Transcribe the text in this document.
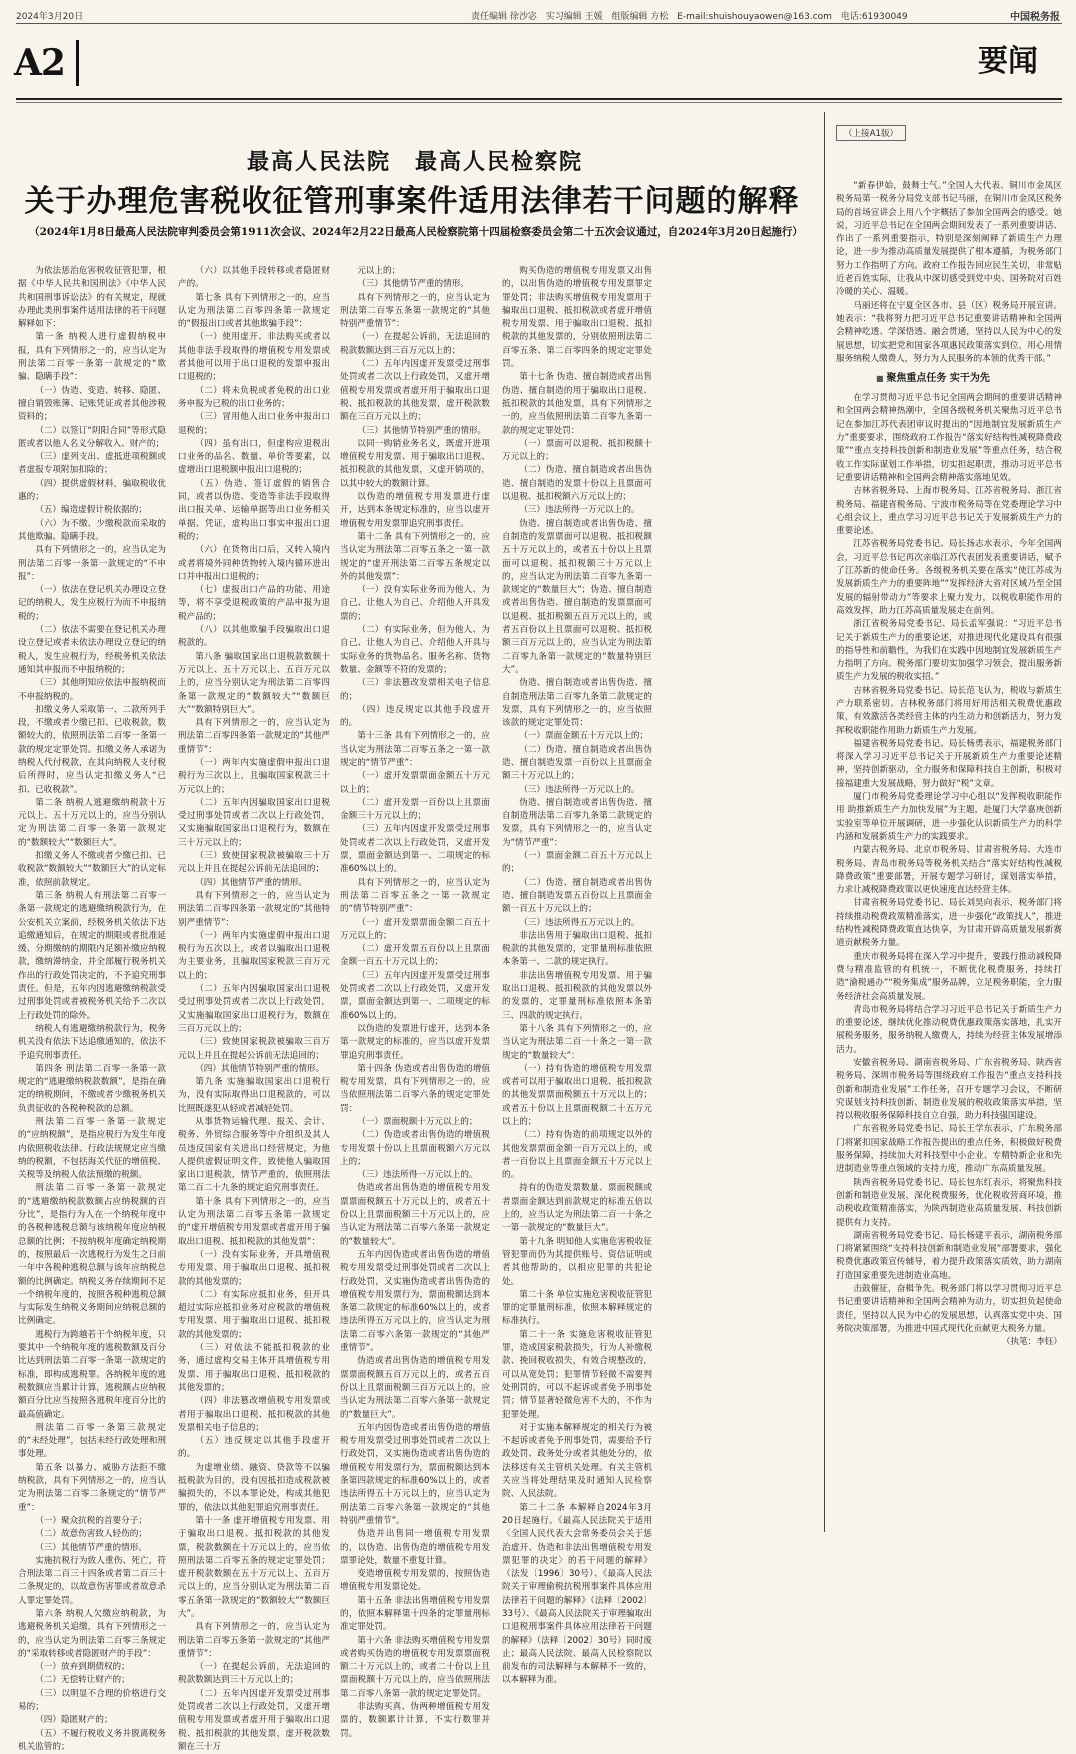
2024年3月20日	责任编辑 徐沙宓 实习编辑 王媛 组版编辑 方松 E-mail:shuishouyaowen@163.com 电话:61930049	中国税务报
A2	要闻
最高人民法院　最高人民检察院
关于办理危害税收征管刑事案件适用法律若干问题的解释
（2024年1月8日最高人民法院审判委员会第1911次会议、2024年2月22日最高人民检察院第十四届检察委员会第二十五次会议通过，自2024年3月20日起施行）

为依法惩治危害税收征管犯罪，根据《中华人民共和国刑法》《中华人民共和国刑事诉讼法》的有关规定，现就办理此类刑事案件适用法律的若干问题解释如下：

第一条 纳税人进行虚假纳税申报，具有下列情形之一的，应当认定为刑法第二百零一条第一款规定的“欺骗、隐瞒手段”：

（一）伪造、变造、转移、隐匿、擅自销毁账簿、记账凭证或者其他涉税资料的；

（二）以签订“阴阳合同”等形式隐匿或者以他人名义分解收入、财产的；

（三）虚列支出、虚抵进项税额或者虚报专项附加扣除的；

（四）提供虚假材料，骗取税收优惠的；

（五）编造虚假计税依据的；

（六）为不缴、少缴税款而采取的其他欺骗、隐瞒手段。

具有下列情形之一的，应当认定为刑法第二百零一条第一款规定的“不申报”：

（一）依法在登记机关办理设立登记的纳税人，发生应税行为而不申报纳税的；

（二）依法不需要在登记机关办理设立登记或者未依法办理设立登记的纳税人，发生应税行为，经税务机关依法通知其申报而不申报纳税的；

（三）其他明知应依法申报纳税而不申报纳税的。

扣缴义务人采取第一、二款所列手段，不缴或者少缴已扣、已收税款，数额较大的，依照刑法第二百零一条第一款的规定定罪处罚。扣缴义务人承诺为纳税人代付税款，在其向纳税人支付税后所得时，应当认定扣缴义务人“已扣、已收税款”。

第二条 纳税人逃避缴纳税款十万元以上、五十万元以上的，应当分别认定为刑法第二百零一条第一款规定的“数额较大”“数额巨大”。

扣缴义务人不缴或者少缴已扣、已收税款“数额较大”“数额巨大”的认定标准，依照前款规定。

第三条 纳税人有刑法第二百零一条第一款规定的逃避缴纳税款行为，在公安机关立案前，经税务机关依法下达追缴通知后，在规定的期限或者批准延缓、分期缴纳的期限内足额补缴应纳税款，缴纳滞纳金，并全部履行税务机关作出的行政处罚决定的，不予追究刑事责任。但是，五年内因逃避缴纳税款受过刑事处罚或者被税务机关给予二次以上行政处罚的除外。

纳税人有逃避缴纳税款行为，税务机关没有依法下达追缴通知的，依法不予追究刑事责任。

第四条 刑法第二百零一条第一款规定的“逃避缴纳税款数额”，是指在确定的纳税期间，不缴或者少缴税务机关负责征收的各税种税款的总额。

刑法第二百零一条第一款规定的“应纳税额”，是指应税行为发生年度内依照税收法律、行政法规规定应当缴纳的税额，不包括海关代征的增值税、关税等及纳税人依法预缴的税额。

刑法第二百零一条第一款规定的“逃避缴纳税款数额占应纳税额的百分比”，是指行为人在一个纳税年度中的各税种逃税总额与该纳税年度应纳税总额的比例；不按纳税年度确定纳税期的，按照最后一次逃税行为发生之日前一年中各税种逃税总额与该年应纳税总额的比例确定。纳税义务存续期间不足一个纳税年度的，按照各税种逃税总额与实际发生纳税义务期间应纳税总额的比例确定。

逃税行为跨越若干个纳税年度，只要其中一个纳税年度的逃税数额及百分比达到刑法第二百零一条第一款规定的标准，即构成逃税罪。各纳税年度的逃税数额应当累计计算，逃税额占应纳税额百分比应当按照各逃税年度百分比的最高值确定。

刑法第二百零一条第三款规定的“未经处理”，包括未经行政处理和刑事处理。

第五条 以暴力、威胁方法拒不缴纳税款，具有下列情形之一的，应当认定为刑法第二百零二条规定的“情节严重”：

（一）聚众抗税的首要分子；

（二）故意伤害致人轻伤的；

（三）其他情节严重的情形。

实施抗税行为致人重伤、死亡，符合刑法第二百三十四条或者第二百三十二条规定的，以故意伤害罪或者故意杀人罪定罪处罚。

第六条 纳税人欠缴应纳税款，为逃避税务机关追缴，具有下列情形之一的，应当认定为刑法第二百零三条规定的“采取转移或者隐匿财产的手段”：

（一）放弃到期债权的；

（二）无偿转让财产的；

（三）以明显不合理的价格进行交易的；

（四）隐匿财产的；

（五）不履行税收义务并脱离税务机关监管的；

（六）以其他手段转移或者隐匿财产的。

第七条 具有下列情形之一的，应当认定为刑法第二百零四条第一款规定的“假报出口或者其他欺骗手段”：

（一）使用虚开、非法购买或者以其他非法手段取得的增值税专用发票或者其他可以用于出口退税的发票申报出口退税的；

（二）将未负税或者免税的出口业务申报为已税的出口业务的；

（三）冒用他人出口业务申报出口退税的；

（四）虽有出口，但虚构应退税出口业务的品名、数量、单价等要素，以虚增出口退税额申报出口退税的；

（五）伪造、签订虚假的销售合同，或者以伪造、变造等非法手段取得出口报关单、运输单据等出口业务相关单据、凭证，虚构出口事实申报出口退税的；

（六）在货物出口后，又转入境内或者将境外同种货物转入境内循环进出口并申报出口退税的；

（七）虚报出口产品的功能、用途等，将不享受退税政策的产品申报为退税产品的；

（八）以其他欺骗手段骗取出口退税款的。

第八条 骗取国家出口退税款数额十万元以上、五十万元以上、五百万元以上的，应当分别认定为刑法第二百零四条第一款规定的“数额较大”“数额巨大”“数额特别巨大”。

具有下列情形之一的，应当认定为刑法第二百零四条第一款规定的“其他严重情节”：

（一）两年内实施虚假申报出口退税行为三次以上，且骗取国家税款三十万元以上的；

（二）五年内因骗取国家出口退税受过刑事处罚或者二次以上行政处罚，又实施骗取国家出口退税行为，数额在三十万元以上的；

（三）致使国家税款被骗取三十万元以上并且在提起公诉前无法追回的；

（四）其他情节严重的情形。

具有下列情形之一的，应当认定为刑法第二百零四条第一款规定的“其他特别严重情节”：

（一）两年内实施虚假申报出口退税行为五次以上，或者以骗取出口退税为主要业务，且骗取国家税款三百万元以上的；

（二）五年内因骗取国家出口退税受过刑事处罚或者二次以上行政处罚，又实施骗取国家出口退税行为，数额在三百万元以上的；

（三）致使国家税款被骗取三百万元以上并且在提起公诉前无法追回的；

（四）其他情节特别严重的情形。

第九条 实施骗取国家出口退税行为，没有实际取得出口退税款的，可以比照既遂犯从轻或者减轻处罚。

从事货物运输代理、报关、会计、税务、外贸综合服务等中介组织及其人员违反国家有关进出口经营规定，为他人提供虚假证明文件，致使他人骗取国家出口退税款，情节严重的，依照刑法第二百二十九条的规定追究刑事责任。

第十条 具有下列情形之一的，应当认定为刑法第二百零五条第一款规定的“虚开增值税专用发票或者虚开用于骗取出口退税、抵扣税款的其他发票”：

（一）没有实际业务，开具增值税专用发票、用于骗取出口退税、抵扣税款的其他发票的；

（二）有实际应抵扣业务，但开具超过实际应抵扣业务对应税款的增值税专用发票、用于骗取出口退税、抵扣税款的其他发票的；

（三）对依法不能抵扣税款的业务，通过虚构交易主体开具增值税专用发票、用于骗取出口退税、抵扣税款的其他发票的；

（四）非法篡改增值税专用发票或者用于骗取出口退税、抵扣税款的其他发票相关电子信息的；

（五）违反规定以其他手段虚开的。

为虚增业绩、融资、贷款等不以骗抵税款为目的，没有因抵扣造成税款被骗损失的，不以本罪论处，构成其他犯罪的，依法以其他犯罪追究刑事责任。

第十一条 虚开增值税专用发票、用于骗取出口退税、抵扣税款的其他发票，税款数额在十万元以上的，应当依照刑法第二百零五条的规定定罪处罚；虚开税款数额在五十万元以上、五百万元以上的，应当分别认定为刑法第二百零五条第一款规定的“数额较大”“数额巨大”。

具有下列情形之一的，应当认定为刑法第二百零五条第一款规定的“其他严重情节”：

（一）在提起公诉前，无法追回的税款数额达到三十万元以上的；

（二）五年内因虚开发票受过刑事处罚或者二次以上行政处罚，又虚开增值税专用发票或者虚开用于骗取出口退税、抵扣税款的其他发票，虚开税款数额在三十万

元以上的；

（三）其他情节严重的情形。

具有下列情形之一的，应当认定为刑法第二百零五条第一款规定的“其他特别严重情节”：

（一）在提起公诉前，无法追回的税款数额达到三百万元以上的；

（二）五年内因虚开发票受过刑事处罚或者二次以上行政处罚，又虚开增值税专用发票或者虚开用于骗取出口退税、抵扣税款的其他发票，虚开税款数额在三百万元以上的；

（三）其他情节特别严重的情形。

以同一购销业务名义，既虚开进项增值税专用发票、用于骗取出口退税、抵扣税款的其他发票，又虚开销项的，以其中较大的数额计算。

以伪造的增值税专用发票进行虚开，达到本条规定标准的，应当以虚开增值税专用发票罪追究刑事责任。

第十二条 具有下列情形之一的，应当认定为刑法第二百零五条之一第一款规定的“虚开刑法第二百零五条规定以外的其他发票”：

（一）没有实际业务而为他人、为自己、让他人为自己、介绍他人开具发票的；

（二）有实际业务，但为他人、为自己、让他人为自己、介绍他人开具与实际业务的货物品名、服务名称、货物数量、金额等不符的发票的；

（三）非法篡改发票相关电子信息的；

（四）违反规定以其他手段虚开的。

第十三条 具有下列情形之一的，应当认定为刑法第二百零五条之一第一款规定的“情节严重”：

（一）虚开发票票面金额五十万元以上的；

（二）虚开发票一百份以上且票面金额三十万元以上的；

（三）五年内因虚开发票受过刑事处罚或者二次以上行政处罚，又虚开发票，票面金额达到第一、二项规定的标准60%以上的。

具有下列情形之一的，应当认定为刑法第二百零五条之一第一款规定的“情节特别严重”：

（一）虚开发票票面金额二百五十万元以上的；

（二）虚开发票五百份以上且票面金额一百五十万元以上的；

（三）五年内因虚开发票受过刑事处罚或者二次以上行政处罚，又虚开发票，票面金额达到第一、二项规定的标准60%以上的。

以伪造的发票进行虚开，达到本条第一款规定的标准的，应当以虚开发票罪追究刑事责任。

第十四条 伪造或者出售伪造的增值税专用发票，具有下列情形之一的，应当依照刑法第二百零六条的规定定罪处罚：

（一）票面税额十万元以上的；

（二）伪造或者出售伪造的增值税专用发票十份以上且票面税额六万元以上的；

（三）违法所得一万元以上的。

伪造或者出售伪造的增值税专用发票票面税额五十万元以上的，或者五十份以上且票面税额三十万元以上的，应当认定为刑法第二百零六条第一款规定的“数量较大”。

五年内因伪造或者出售伪造的增值税专用发票受过刑事处罚或者二次以上行政处罚，又实施伪造或者出售伪造的增值税专用发票行为，票面税额达到本条第二款规定的标准60%以上的，或者违法所得五万元以上的，应当认定为刑法第二百零六条第一款规定的“其他严重情节”。

伪造或者出售伪造的增值税专用发票票面税额五百万元以上的，或者五百份以上且票面税额三百万元以上的，应当认定为刑法第二百零六条第一款规定的“数量巨大”。

五年内因伪造或者出售伪造的增值税专用发票受过刑事处罚或者二次以上行政处罚，又实施伪造或者出售伪造的增值税专用发票行为，票面税额达到本条第四款规定的标准60%以上的，或者违法所得五十万元以上的，应当认定为刑法第二百零六条第一款规定的“其他特别严重情节”。

伪造并出售同一增值税专用发票的，以伪造、出售伪造的增值税专用发票罪论处，数量不重复计算。

变造增值税专用发票的，按照伪造增值税专用发票论处。

第十五条 非法出售增值税专用发票的，依照本解释第十四条的定罪量刑标准定罪处罚。

第十六条 非法购买增值税专用发票或者购买伪造的增值税专用发票票面税额二十万元以上的，或者二十份以上且票面税额十万元以上的，应当依照刑法第二百零八条第一款的规定定罪处罚。

非法购买真、伪两种增值税专用发票的，数额累计计算，不实行数罪并罚。

购买伪造的增值税专用发票又出售的，以出售伪造的增值税专用发票罪定罪处罚；非法购买增值税专用发票用于骗取出口退税、抵扣税款或者虚开增值税专用发票、用于骗取出口退税、抵扣税款的其他发票的，分别依照刑法第二百零五条、第二百零四条的规定定罪处罚。

第十七条 伪造、擅自制造或者出售伪造、擅自制造的用于骗取出口退税、抵扣税款的其他发票，具有下列情形之一的，应当依照刑法第二百零九条第一款的规定定罪处罚：

（一）票面可以退税、抵扣税额十万元以上的；

（二）伪造、擅自制造或者出售伪造、擅自制造的发票十份以上且票面可以退税、抵扣税额六万元以上的；

（三）违法所得一万元以上的。

伪造、擅自制造或者出售伪造、擅自制造的发票票面可以退税、抵扣税额五十万元以上的，或者五十份以上且票面可以退税、抵扣税额三十万元以上的，应当认定为刑法第二百零九条第一款规定的“数量巨大”；伪造、擅自制造或者出售伪造、擅自制造的发票票面可以退税、抵扣税额五百万元以上的，或者五百份以上且票面可以退税、抵扣税额三百万元以上的，应当认定为刑法第二百零九条第一款规定的“数量特别巨大”。

伪造、擅自制造或者出售伪造、擅自制造刑法第二百零九条第二款规定的发票，具有下列情形之一的，应当依照该款的规定定罪处罚：

（一）票面金额五十万元以上的；

（二）伪造、擅自制造或者出售伪造、擅自制造发票一百份以上且票面金额三十万元以上的；

（三）违法所得一万元以上的。

伪造、擅自制造或者出售伪造、擅自制造刑法第二百零九条第二款规定的发票，具有下列情形之一的，应当认定为“情节严重”：

（一）票面金额二百五十万元以上的；

（二）伪造、擅自制造或者出售伪造、擅自制造发票五百份以上且票面金额一百五十万元以上的；

（三）违法所得五万元以上的。

非法出售用于骗取出口退税、抵扣税款的其他发票的，定罪量刑标准依照本条第一、二款的规定执行。

非法出售增值税专用发票、用于骗取出口退税、抵扣税款的其他发票以外的发票的，定罪量刑标准依照本条第三、四款的规定执行。

第十八条 具有下列情形之一的，应当认定为刑法第二百一十条之一第一款规定的“数量较大”：

（一）持有伪造的增值税专用发票或者可以用于骗取出口退税、抵扣税款的其他发票票面税额五十万元以上的；或者五十份以上且票面税额二十五万元以上的；

（二）持有伪造的前项规定以外的其他发票票面金额一百万元以上的，或者一百份以上且票面金额五十万元以上的。

持有的伪造发票数量、票面税额或者票面金额达到前款规定的标准五倍以上的，应当认定为刑法第二百一十条之一第一款规定的“数量巨大”。

第十九条 明知他人实施危害税收征管犯罪而仍为其提供账号、资信证明或者其他帮助的，以相应犯罪的共犯论处。

第二十条 单位实施危害税收征管犯罪的定罪量刑标准，依照本解释规定的标准执行。

第二十一条 实施危害税收征管犯罪，造成国家税款损失，行为人补缴税款、挽回税收损失，有效合规整改的，可以从宽处罚；犯罪情节轻微不需要判处刑罚的，可以不起诉或者免予刑事处罚；情节显著轻微危害不大的，不作为犯罪处理。

对于实施本解释规定的相关行为被不起诉或者免予刑事处罚，需要给予行政处罚、政务处分或者其他处分的，依法移送有关主管机关处理。有关主管机关应当将处理结果及时通知人民检察院、人民法院。

第二十二条 本解释自2024年3月20日起施行。《最高人民法院关于适用〈全国人民代表大会常务委员会关于惩治虚开、伪造和非法出售增值税专用发票犯罪的决定〉的若干问题的解释》（法发〔1996〕30号）、《最高人民法院关于审理偷税抗税刑事案件具体应用法律若干问题的解释》（法释〔2002〕33号）、《最高人民法院关于审理骗取出口退税刑事案件具体应用法律若干问题的解释》（法释〔2002〕30号）同时废止；最高人民法院、最高人民检察院以前发布的司法解释与本解释不一致的，以本解释为准。

（上接A1版）

“新春伊始，鼓舞士气。”全国人大代表、铜川市金凤区税务局第一税务分局党支部书记马丽，在铜川市金凤区税务局的首场宣讲会上用八个字概括了参加全国两会的感受。她说，习近平总书记在全国两会期间发表了一系列重要讲话、作出了一系列重要指示，特别是深刻阐释了新质生产力理论，进一步为推动高质量发展提供了根本遵循，为税务部门努力工作指明了方向。政府工作报告回应民生关切，非常贴近老百姓实际，让我从中深切感受到党中央、国务院对百姓冷暖的关心、温暖。

马丽还将在宁夏全区各市、县（区）税务局开展宣讲。她表示：“我将努力把习近平总书记重要讲话精神和全国两会精神吃透、学深悟透、融会贯通，坚持以人民为中心的发展思想，切实把党和国家各项惠民政策落实到位，用心用情服务纳税人缴费人，努力为人民服务的本领的优秀干部。”

■ 聚焦重点任务 实干为先

在学习贯彻习近平总书记全国两会期间的重要讲话精神和全国两会精神热潮中，全国各级税务机关聚焦习近平总书记在参加江苏代表团审议时提出的“因地制宜发展新质生产力”重要要求，围绕政府工作报告“落实好结构性减税降费政策”“重点支持科技创新和制造业发展”等重点任务，结合税收工作实际谋划工作举措，切实担起职责，推动习近平总书记重要讲话精神和全国两会精神落实落地见效。

吉林省税务局、上海市税务局、江苏省税务局、浙江省税务局、福建省税务局、宁波市税务局等在党委理论学习中心组会议上，重点学习习近平总书记关于发展新质生产力的重要论述。

江苏省税务局党委书记、局长扬志水表示，今年全国两会，习近平总书记再次亲临江苏代表团发表重要讲话，赋予了江苏新的使命任务。各级税务机关要在落实“使江苏成为发展新质生产力的重要阵地”“发挥经济大省对区域乃至全国发展的辐射带动力”等要求上聚力发力，以税收职能作用的高效发挥，助力江苏高质量发展走在前列。

浙江省税务局党委书记、局长孟军强说：“习近平总书记关于新质生产力的重要论述，对推进现代化建设具有很强的指导性和前瞻性，为我们在实践中因地制宜发展新质生产力指明了方向。税务部门要切实加强学习领会，提出服务新质生产力发展的税收实招。”

吉林省税务局党委书记、局长范飞认为，税收与新质生产力联系密切。吉林税务部门将用好用活相关税费优惠政策，有效激活各类经营主体的内生动力和创新活力，努力发挥税收职能作用助力新质生产力发展。

福建省税务局党委书记、局长杨勇表示，福建税务部门将深入学习习近平总书记关于开展新质生产力重要论述精神，坚持创新驱动，全力服务和保障科技自主创新，积极对接福建重大发展战略，努力做好“税”文章。

厦门市税务局党委理论学习中心组以“发挥税收职能作用 助推新质生产力加快发展”为主题，赴厦门大学嘉庚创新实验室等单位开展调研，进一步强化认识新质生产力的科学内涵和发展新质生产力的实践要求。

内蒙古税务局、北京市税务局、甘肃省税务局、大连市税务局、青岛市税务局等税务机关结合“落实好结构性减税降费政策”重要部署，开展专题学习研讨，谋划落实举措，力求让减税降费政策以更快速度直达经营主体。

甘肃省税务局党委书记、局长刘昊向表示，税务部门将持续推动税费政策精准落实，进一步强化“政策找人”，推进结构性减税降费政策直达快享，为甘肃开辟高质量发展新赛道贡献税务力量。

重庆市税务局将在深入学习中提升，要践行推动减税降费与精准监管的有机统一，不断优化税费服务，持续打造“渝税通办”“税务集成”服务品牌，立足税务职能，全力服务经济社会高质量发展。

青岛市税务局将结合学习习近平总书记关于新质生产力的重要论述，继续优化推动税费优惠政策落实落地，扎实开展税务服务，服务纳税人缴费人，持续为经营主体发展增添活力。

安徽省税务局、湖南省税务局、广东省税务局、陕西省税务局、深圳市税务局等围绕政府工作报告“重点支持科技创新和制造业发展”工作任务，召开专题学习会议，不断研究谋划支持科技创新、制造业发展的税收政策落实举措，坚持以税收服务保障科技自立自强，助力科技强国建设。

广东省税务局党委书记、局长王学东表示，广东税务部门将紧扣国家战略工作报告提出的重点任务，积极做好税费服务保障，持续加大对科技型中小企业、专精特新企业和先进制造业等重点领域的支持力度，推动广东高质量发展。

陕西省税务局党委书记、局长包东红表示，将聚焦科技创新和制造业发展，深化税费服务，优化税收营商环境，推动税收政策精准落实，为陕西制造业高质量发展、科技创新提供有力支持。

湖南省税务局党委书记、局长杨建平表示，湖南税务部门将紧紧围绕“支持科技创新和制造业发展”部署要求，强化税费优惠政策宣传辅导，着力提升政策落实质效，助力湖南打造国家重要先进制造业高地。

击鼓催征，奋楫争先。税务部门将以学习贯彻习近平总书记重要讲话精神和全国两会精神为动力，切实担负起使命责任，坚持以人民为中心的发展思想，认真落实党中央、国务院决策部署，为推进中国式现代化贡献更大税务力量。

（执笔：李钰）
